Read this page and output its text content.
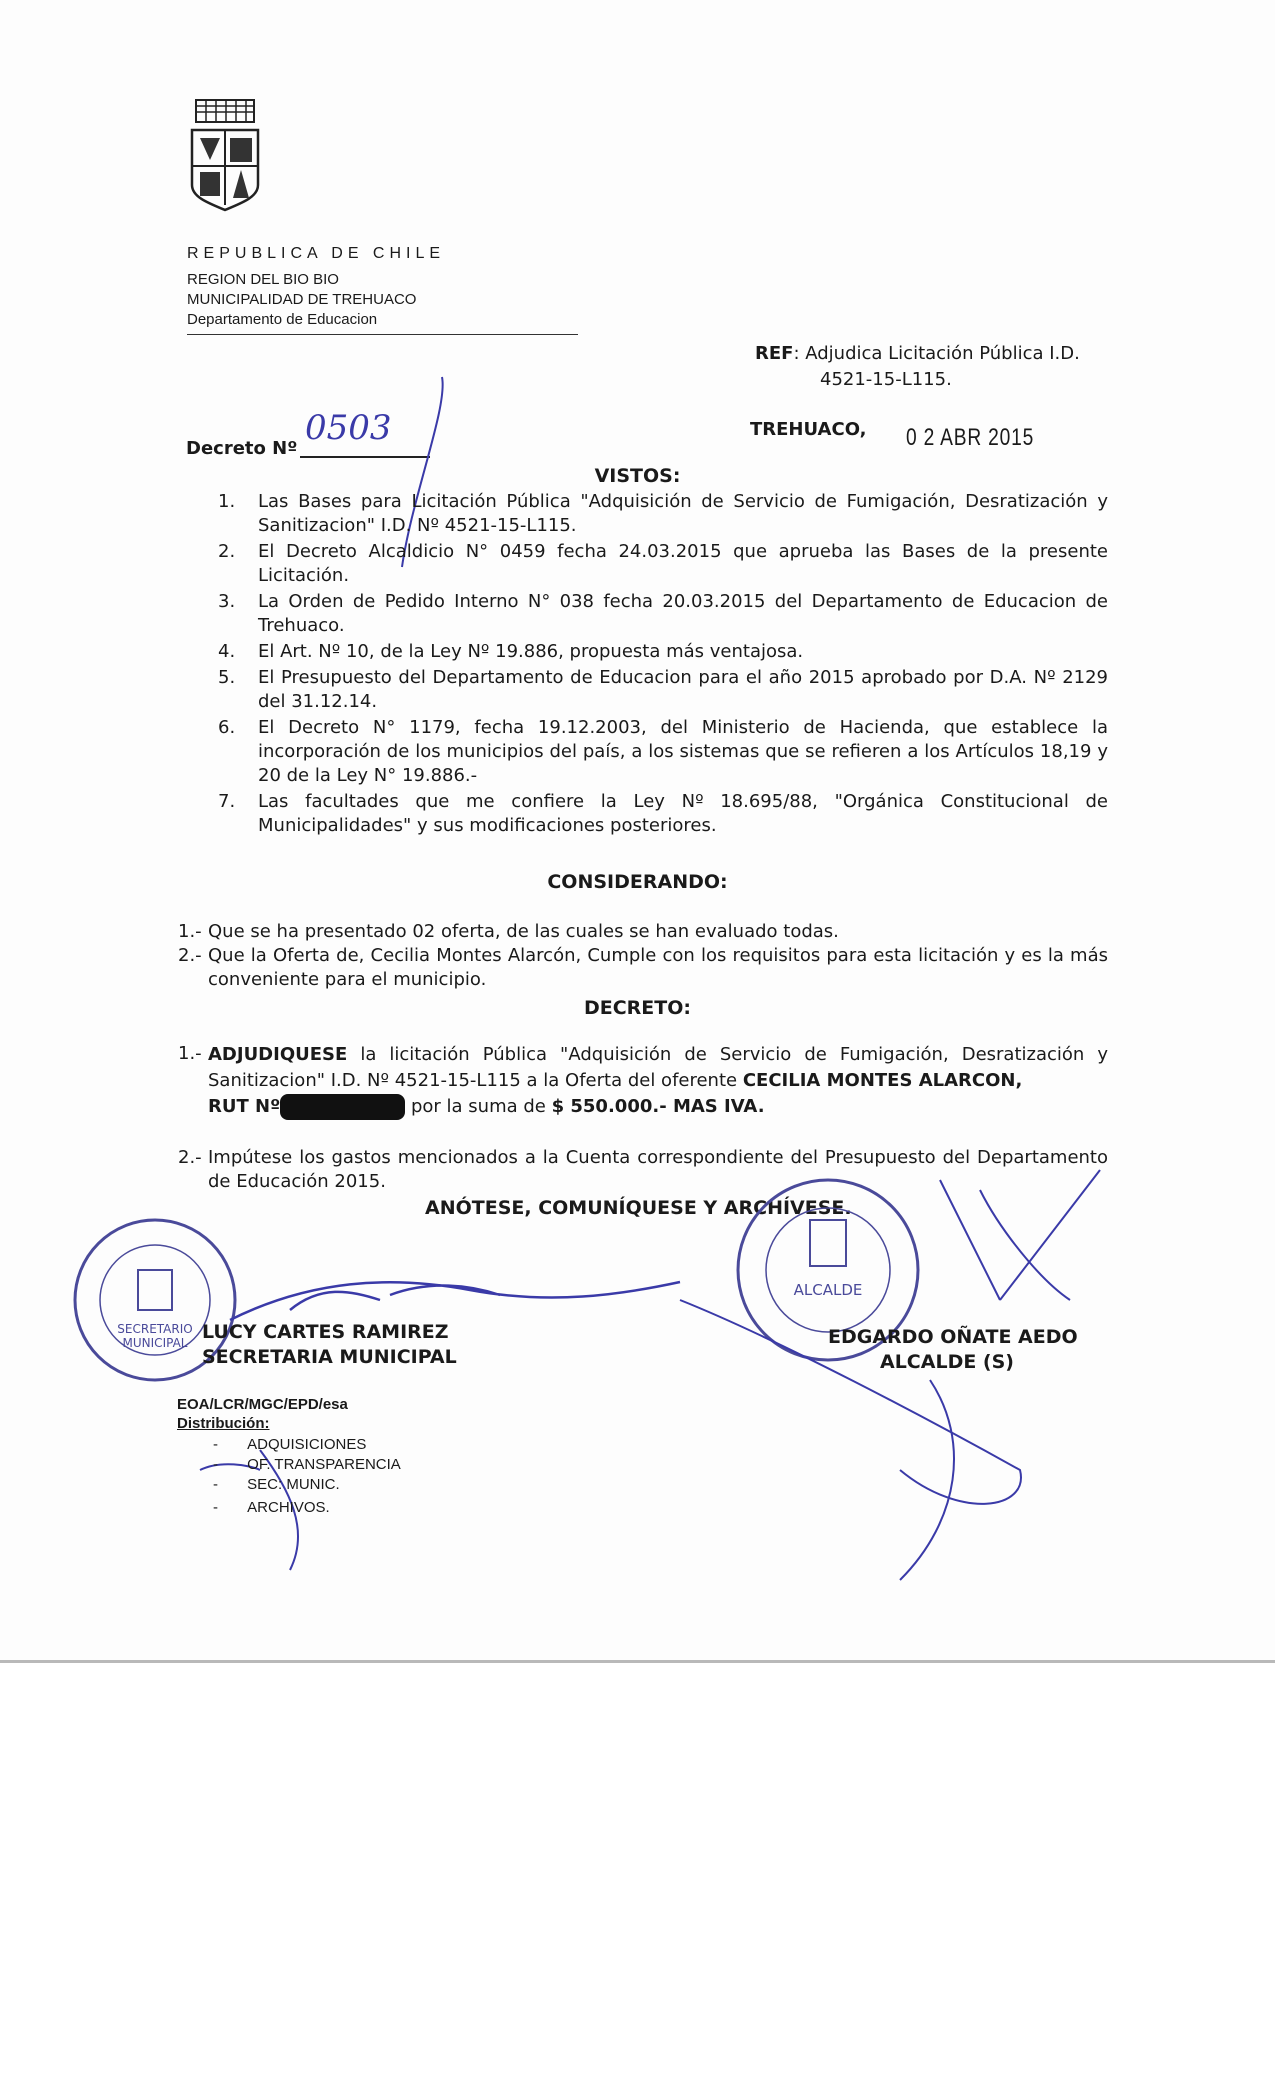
REPUBLICA DE CHILE
REGION DEL BIO BIO
MUNICIPALIDAD DE TREHUACO
Departamento de Educacion
REF: Adjudica Licitación Pública I.D.
4521-15-L115.
TREHUACO, 0 2 ABR 2015
Decreto Nº
0503
VISTOS:
1.	Las Bases para Licitación Pública "Adquisición de Servicio de Fumigación, Desratización y Sanitizacion" I.D. Nº 4521-15-L115.
2.	El Decreto Alcaldicio N° 0459 fecha 24.03.2015 que aprueba las Bases de la presente Licitación.
3.	La Orden de Pedido Interno N° 038 fecha 20.03.2015 del Departamento de Educacion de Trehuaco.
4.	El Art. Nº 10, de la Ley Nº 19.886, propuesta más ventajosa.
5.	El Presupuesto del Departamento de Educacion para el año 2015 aprobado por D.A. Nº 2129 del 31.12.14.
6.	El Decreto N° 1179, fecha 19.12.2003, del Ministerio de Hacienda, que establece la incorporación de los municipios del país, a los sistemas que se refieren a los Artículos 18,19 y 20 de la Ley N° 19.886.-
7.	Las facultades que me confiere la Ley Nº 18.695/88, "Orgánica Constitucional de Municipalidades" y sus modificaciones posteriores.
CONSIDERANDO:
1.- Que se ha presentado 02 oferta, de las cuales se han evaluado todas.
2.- Que la Oferta de, Cecilia Montes Alarcón, Cumple con los requisitos para esta licitación y es la más conveniente para el municipio.
DECRETO:
1.- ADJUDIQUESE la licitación Pública "Adquisición de Servicio de Fumigación, Desratización y Sanitizacion" I.D. Nº 4521-15-L115 a la Oferta del oferente CECILIA MONTES ALARCON,
RUT Nº	por la suma de $ 550.000.- MAS IVA.
2.- Impútese los gastos mencionados a la Cuenta correspondiente del Presupuesto del Departamento de Educación 2015.
ANÓTESE, COMUNÍQUESE Y ARCHÍVESE.
SECRETARIO
MUNICIPAL
ALCALDE
LUCY CARTES RAMIREZ
SECRETARIA MUNICIPAL
EDGARDO OÑATE AEDO
ALCALDE (S)
EOA/LCR/MGC/EPD/esa
Distribución:
-       ADQUISICIONES
-       OF. TRANSPARENCIA
-       SEC: MUNIC.
-       ARCHIVOS.
